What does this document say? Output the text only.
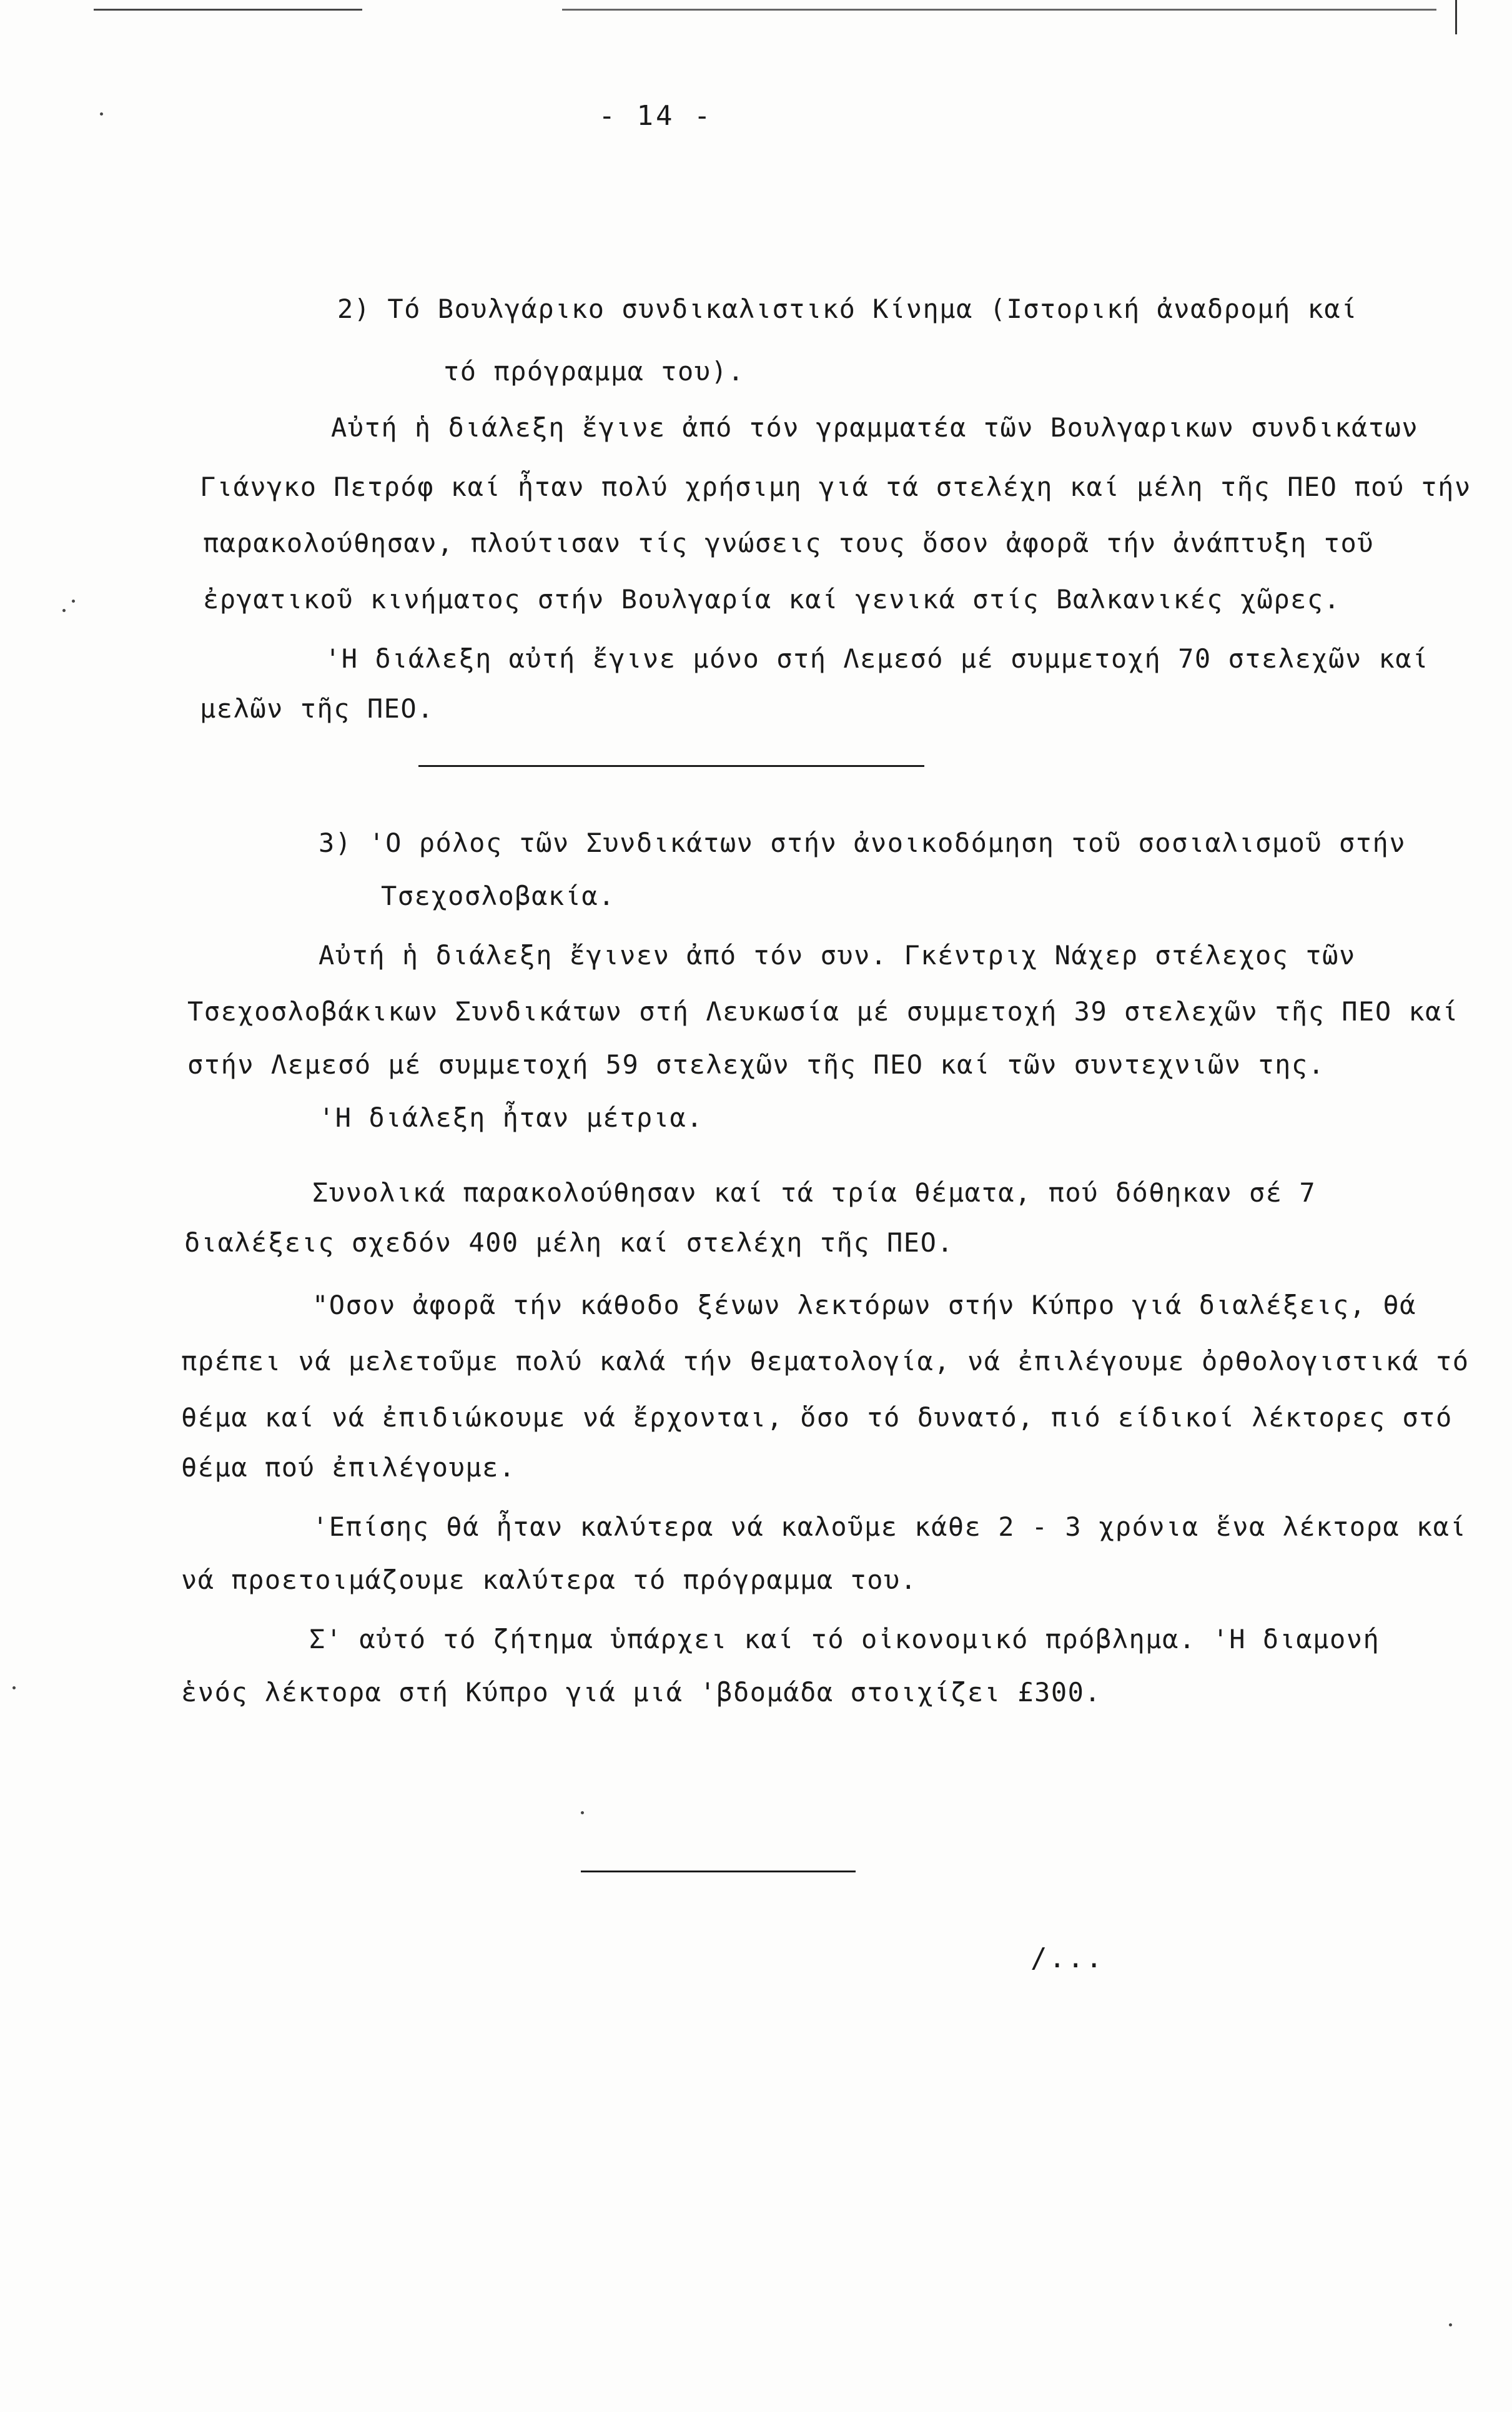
- 14 -
2) Τό Βουλγάρικο συνδικαλιστικό Κίνημα (Ιστορική ἀναδρομή καί
τό πρόγραμμα του).
Αὐτή ἡ διάλεξη ἔγινε ἀπό τόν γραμματέα τῶν Βουλγαρικων συνδικάτων
Γιάνγκο Πετρόφ καί ἦταν πολύ χρήσιμη γιά τά στελέχη καί μέλη τῆς ΠΕΟ πού τήν
παρακολούθησαν, πλούτισαν τίς γνώσεις τους ὅσον ἀφορᾶ τήν ἀνάπτυξη τοῦ
ἐργατικοῦ κινήματος στήν Βουλγαρία καί γενικά στίς Βαλκανικές χῶρες.
'Η διάλεξη αὐτή ἔγινε μόνο στή Λεμεσό μέ συμμετοχή 70 στελεχῶν καί
μελῶν τῆς ΠΕΟ.
3) 'Ο ρόλος τῶν Συνδικάτων στήν ἀνοικοδόμηση τοῦ σοσιαλισμοῦ στήν
Τσεχοσλοβακία.
Αὐτή ἡ διάλεξη ἔγινεν ἀπό τόν συν. Γκέντριχ Νάχερ στέλεχος τῶν
Τσεχοσλοβάκικων Συνδικάτων στή Λευκωσία μέ συμμετοχή 39 στελεχῶν τῆς ΠΕΟ καί
στήν Λεμεσό μέ συμμετοχή 59 στελεχῶν τῆς ΠΕΟ καί τῶν συντεχνιῶν της.
'Η διάλεξη ἦταν μέτρια.
Συνολικά παρακολούθησαν καί τά τρία θέματα, πού δόθηκαν σέ 7
διαλέξεις σχεδόν 400 μέλη καί στελέχη τῆς ΠΕΟ.
"Οσον ἀφορᾶ τήν κάθοδο ξένων λεκτόρων στήν Κύπρο γιά διαλέξεις, θά
πρέπει νά μελετοῦμε πολύ καλά τήν θεματολογία, νά ἐπιλέγουμε ὀρθολογιστικά τό
θέμα καί νά ἐπιδιώκουμε νά ἔρχονται, ὅσο τό δυνατό, πιό είδικοί λέκτορες στό
θέμα πού ἐπιλέγουμε.
'Επίσης θά ἦταν καλύτερα νά καλοῦμε κάθε 2 - 3 χρόνια ἕνα λέκτορα καί
νά προετοιμάζουμε καλύτερα τό πρόγραμμα του.
Σ' αὐτό τό ζήτημα ὑπάρχει καί τό οἰκονομικό πρόβλημα. 'Η διαμονή
ἑνός λέκτορα στή Κύπρο γιά μιά 'βδομάδα στοιχίζει £300.
/...
